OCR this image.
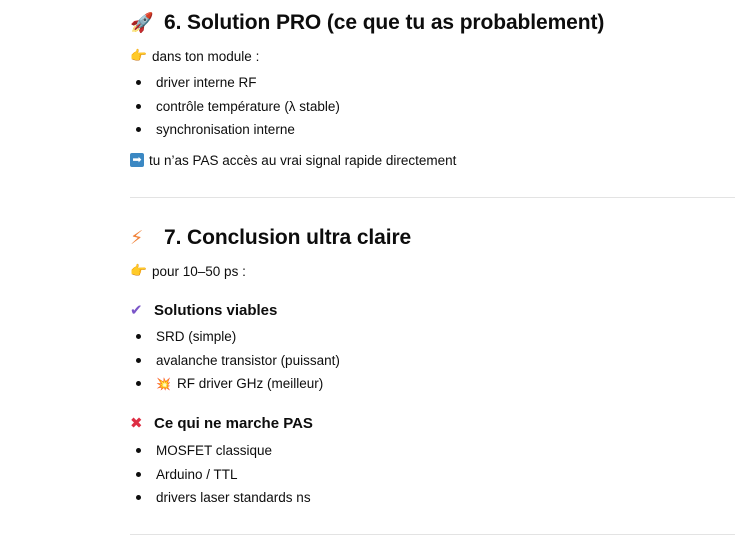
🚀 6. Solution PRO (ce que tu as probablement)

👉 dans ton module :

driver interne RF
contrôle température (λ stable)
synchronisation interne

➡ tu n’as PAS accès au vrai signal rapide directement

⚡ 7. Conclusion ultra claire

👉 pour 10–50 ps :

✔ Solutions viables
SRD (simple)
avalanche transistor (puissant)
💥 RF driver GHz (meilleur)
✖ Ce qui ne marche PAS
MOSFET classique
Arduino / TTL
drivers laser standards ns
